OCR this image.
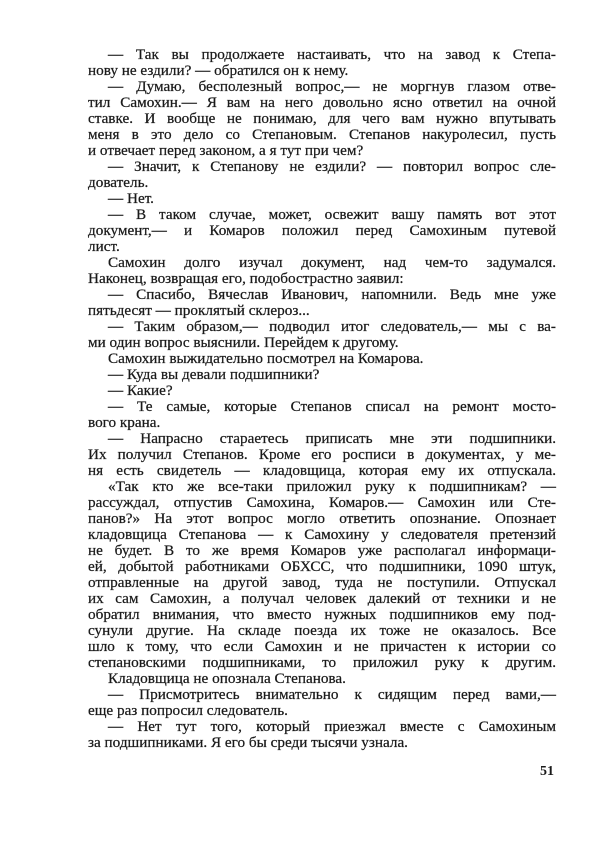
— Так вы продолжаете настаивать, что на завод к Степа-
нову не ездили? — обратился он к нему.
— Думаю, бесполезный вопрос,— не моргнув глазом отве-
тил Самохин.— Я вам на него довольно ясно ответил на очной
ставке. И вообще не понимаю, для чего вам нужно впутывать
меня в это дело со Степановым. Степанов накуролесил, пусть
и отвечает перед законом, а я тут при чем?
— Значит, к Степанову не ездили? — повторил вопрос сле-
дователь.
— Нет.
— В таком случае, может, освежит вашу память вот этот
документ,— и Комаров положил перед Самохиным путевой
лист.
Самохин долго изучал документ, над чем-то задумался.
Наконец, возвращая его, подобострастно заявил:
— Спасибо, Вячеслав Иванович, напомнили. Ведь мне уже
пятьдесят — проклятый склероз...
— Таким образом,— подводил итог следователь,— мы с ва-
ми один вопрос выяснили. Перейдем к другому.
Самохин выжидательно посмотрел на Комарова.
— Куда вы девали подшипники?
— Какие?
— Те самые, которые Степанов списал на ремонт мосто-
вого крана.
— Напрасно стараетесь приписать мне эти подшипники.
Их получил Степанов. Кроме его росписи в документах, у ме-
ня есть свидетель — кладовщица, которая ему их отпускала.
«Так кто же все-таки приложил руку к подшипникам? —
рассуждал, отпустив Самохина, Комаров.— Самохин или Сте-
панов?» На этот вопрос могло ответить опознание. Опознает
кладовщица Степанова — к Самохину у следователя претензий
не будет. В то же время Комаров уже располагал информаци-
ей, добытой работниками ОБХСС, что подшипники, 1090 штук,
отправленные на другой завод, туда не поступили. Отпускал
их сам Самохин, а получал человек далекий от техники и не
обратил внимания, что вместо нужных подшипников ему под-
сунули другие. На складе поезда их тоже не оказалось. Все
шло к тому, что если Самохин и не причастен к истории со
степановскими подшипниками, то приложил руку к другим.
Кладовщица не опознала Степанова.
— Присмотритесь внимательно к сидящим перед вами,—
еще раз попросил следователь.
— Нет тут того, который приезжал вместе с Самохиным
за подшипниками. Я его бы среди тысячи узнала.
51
